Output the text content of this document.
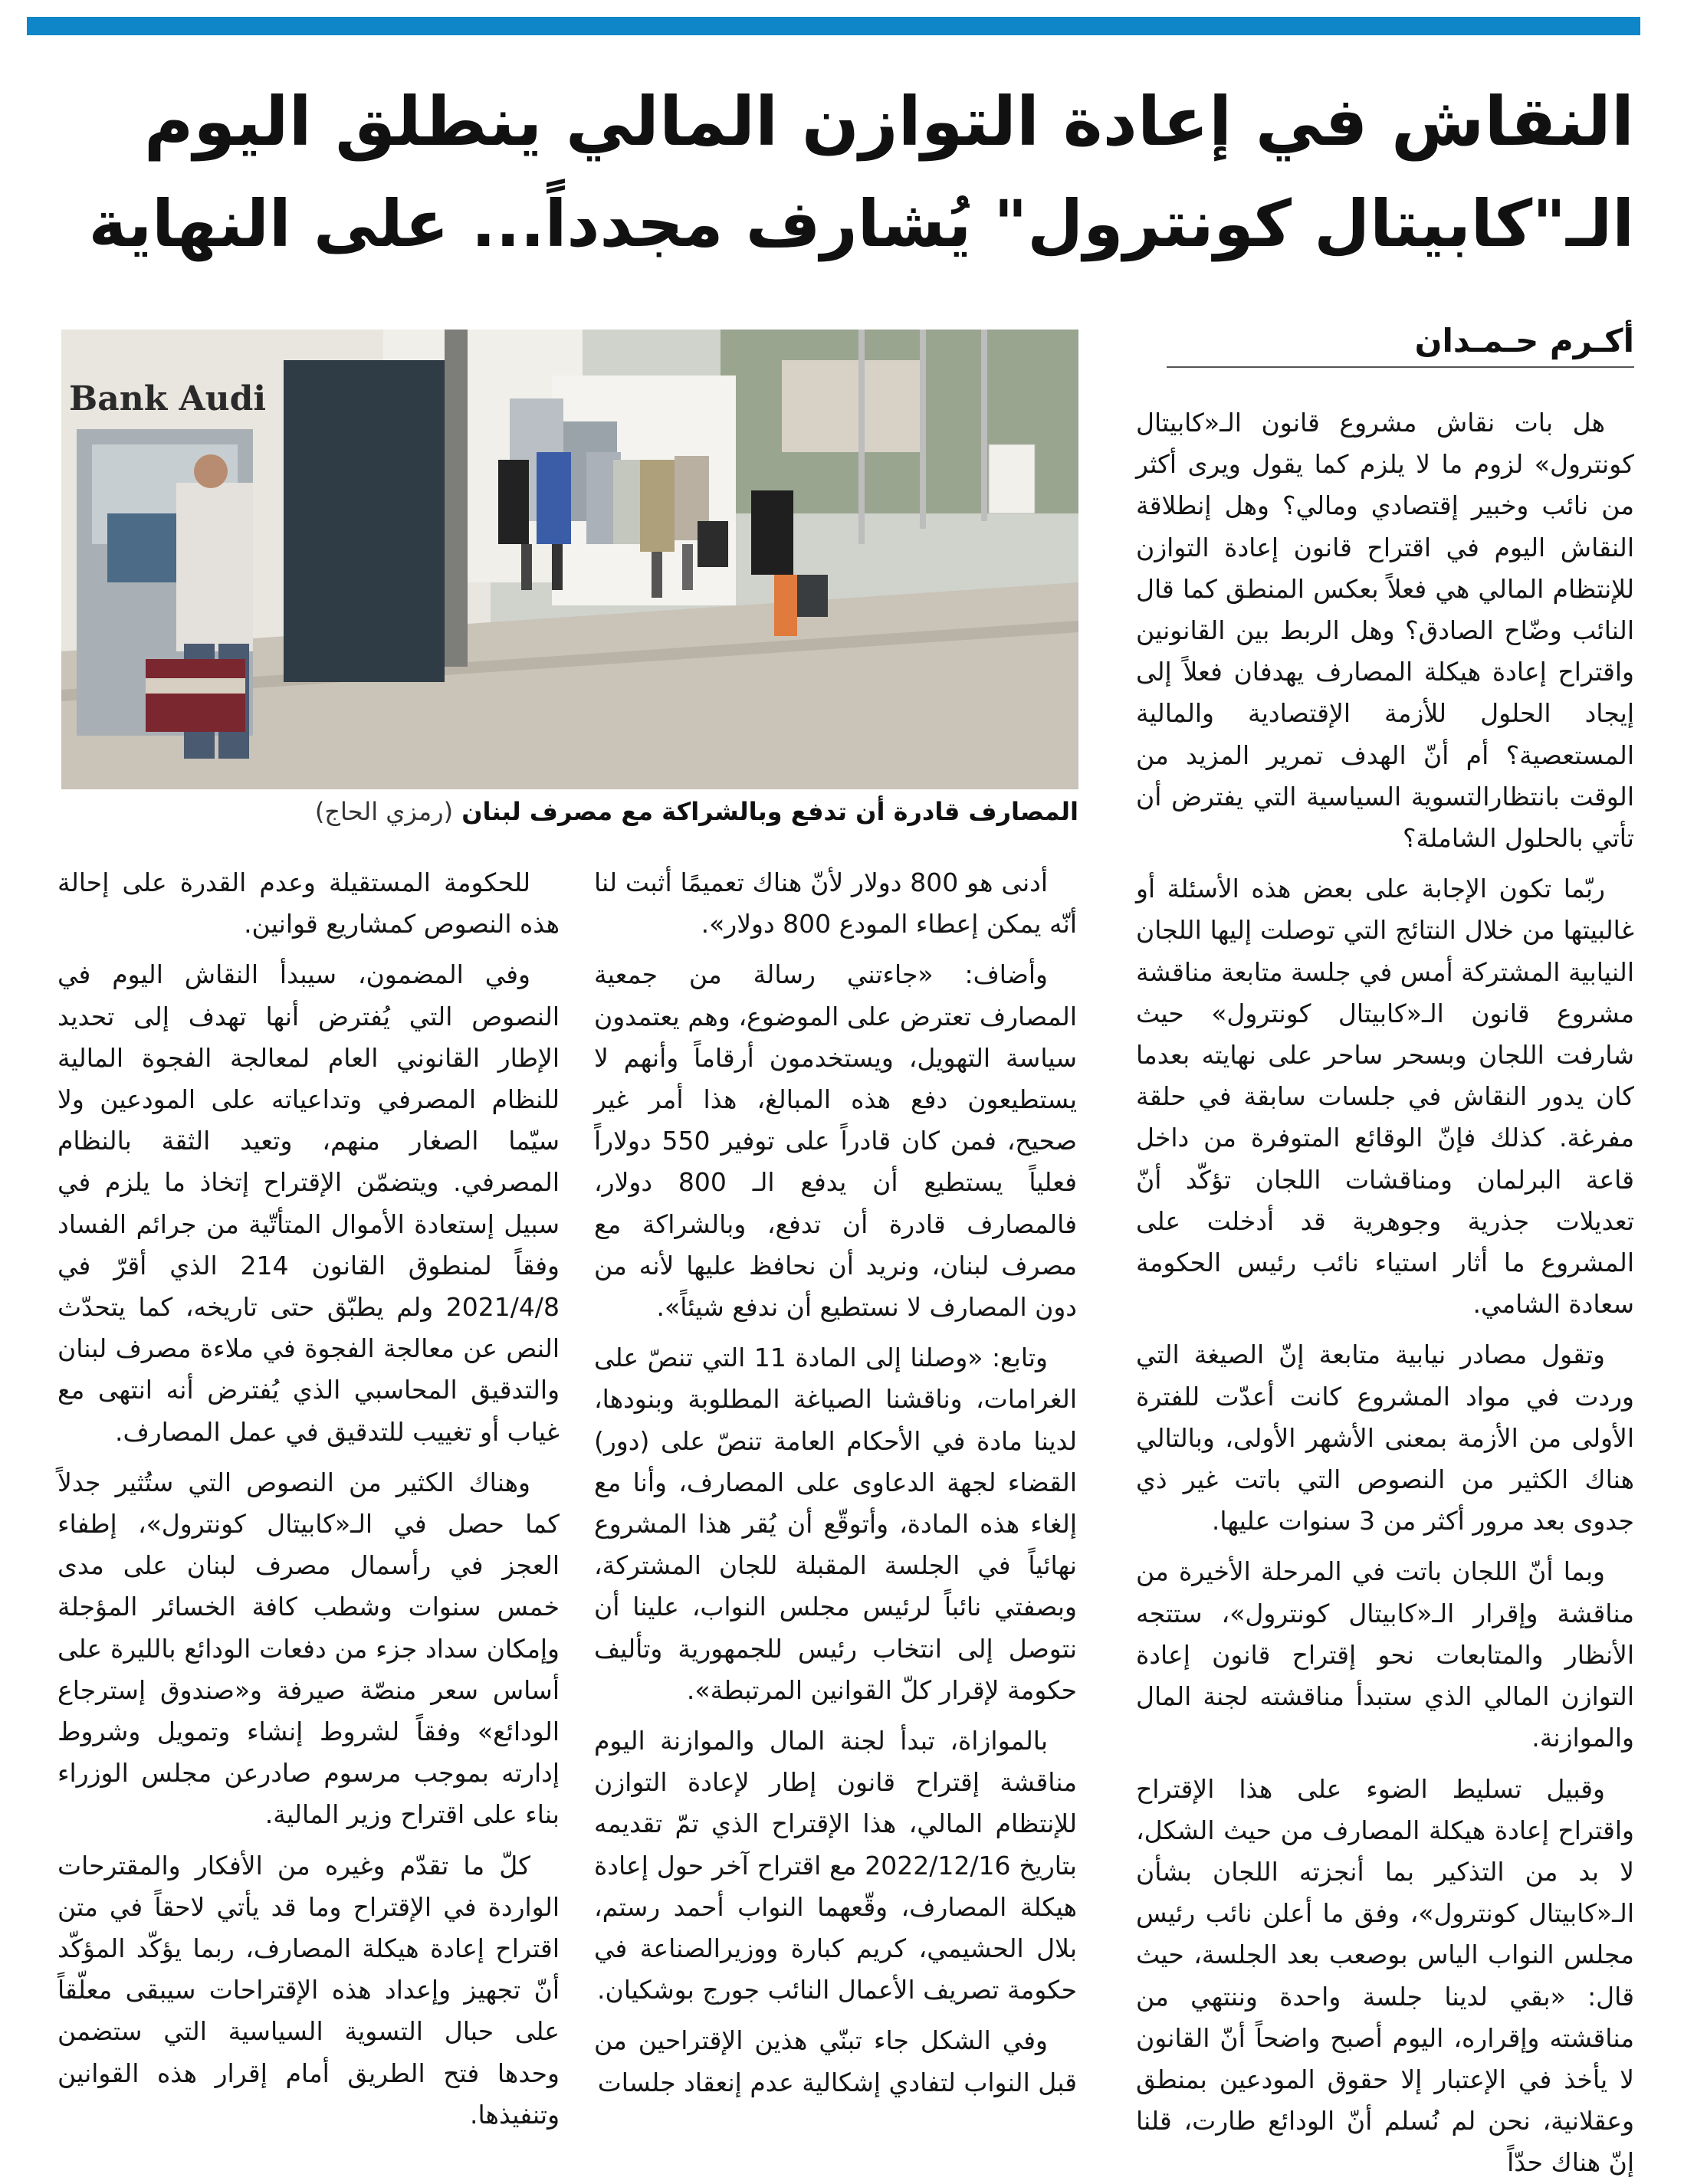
النقاش في إعادة التوازن المالي ينطلق اليوم
الـ"كابيتال كونترول" يُشارف مجدداً... على النهاية
أكـرم حـمـدان
Bank Audi
المصارف قادرة أن تدفع وبالشراكة مع مصرف لبنان (رمزي الحاج)

هل بات نقاش مشروع قانون الـ«كابيتال كونترول» لزوم ما لا يلزم كما يقول ويرى أكثر من نائب وخبير إقتصادي ومالي؟ وهل إنطلاقة النقاش اليوم في اقتراح قانون إعادة التوازن للإنتظام المالي هي فعلاً بعكس المنطق كما قال النائب وضّاح الصادق؟ وهل الربط بين القانونين واقتراح إعادة هيكلة المصارف يهدفان فعلاً إلى إيجاد الحلول للأزمة الإقتصادية والمالية المستعصية؟ أم أنّ الهدف تمرير المزيد من الوقت بانتظارالتسوية السياسية التي يفترض أن تأتي بالحلول الشاملة؟

ربّما تكون الإجابة على بعض هذه الأسئلة أو غالبيتها من خلال النتائج التي توصلت إليها اللجان النيابية المشتركة أمس في جلسة متابعة مناقشة مشروع قانون الـ«كابيتال كونترول» حيث شارفت اللجان وبسحر ساحر على نهايته بعدما كان يدور النقاش في جلسات سابقة في حلقة مفرغة. كذلك فإنّ الوقائع المتوفرة من داخل قاعة البرلمان ومناقشات اللجان تؤكّد أنّ تعديلات جذرية وجوهرية قد أدخلت على المشروع ما أثار استياء نائب رئيس الحكومة سعادة الشامي.

وتقول مصادر نيابية متابعة إنّ الصيغة التي وردت في مواد المشروع كانت أعدّت للفترة الأولى من الأزمة بمعنى الأشهر الأولى، وبالتالي هناك الكثير من النصوص التي باتت غير ذي جدوى بعد مرور أكثر من 3 سنوات عليها.

وبما أنّ اللجان باتت في المرحلة الأخيرة من مناقشة وإقرار الـ«كابيتال كونترول»، ستتجه الأنظار والمتابعات نحو إقتراح قانون إعادة التوازن المالي الذي ستبدأ مناقشته لجنة المال والموازنة.

وقبيل تسليط الضوء على هذا الإقتراح واقتراح إعادة هيكلة المصارف من حيث الشكل، لا بد من التذكير بما أنجزته اللجان بشأن الـ«كابيتال كونترول»، وفق ما أعلن نائب رئيس مجلس النواب الياس بوصعب بعد الجلسة، حيث قال: «بقي لدينا جلسة واحدة وننتهي من مناقشته وإقراره، اليوم أصبح واضحاً أنّ القانون لا يأخذ في الإعتبار إلا حقوق المودعين بمنطق وعقلانية، نحن لم نُسلم أنّ الودائع طارت، قلنا إنّ هناك حدّاً

أدنى هو 800 دولار لأنّ هناك تعميمًا أثبت لنا أنّه يمكن إعطاء المودع 800 دولار».

وأضاف: «جاءتني رسالة من جمعية المصارف تعترض على الموضوع، وهم يعتمدون سياسة التهويل، ويستخدمون أرقاماً وأنهم لا يستطيعون دفع هذه المبالغ، هذا أمر غير صحيح، فمن كان قادراً على توفير 550 دولاراً فعلياً يستطيع أن يدفع الـ 800 دولار، فالمصارف قادرة أن تدفع، وبالشراكة مع مصرف لبنان، ونريد أن نحافظ عليها لأنه من دون المصارف لا نستطيع أن ندفع شيئاً».

وتابع: «وصلنا إلى المادة 11 التي تنصّ على الغرامات، وناقشنا الصياغة المطلوبة وبنودها، لدينا مادة في الأحكام العامة تنصّ على (دور) القضاء لجهة الدعاوى على المصارف، وأنا مع إلغاء هذه المادة، وأتوقّع أن يُقر هذا المشروع نهائياً في الجلسة المقبلة للجان المشتركة، وبصفتي نائباً لرئيس مجلس النواب، علينا أن نتوصل إلى انتخاب رئيس للجمهورية وتأليف حكومة لإقرار كلّ القوانين المرتبطة».

بالموازاة، تبدأ لجنة المال والموازنة اليوم مناقشة إقتراح قانون إطار لإعادة التوازن للإنتظام المالي، هذا الإقتراح الذي تمّ تقديمه بتاريخ 2022/12/16 مع اقتراح آخر حول إعادة هيكلة المصارف، وقّعهما النواب أحمد رستم، بلال الحشيمي، كريم كبارة ووزيرالصناعة في حكومة تصريف الأعمال النائب جورج بوشكيان.

وفي الشكل جاء تبنّي هذين الإقتراحين من قبل النواب لتفادي إشكالية عدم إنعقاد جلسات

للحكومة المستقيلة وعدم القدرة على إحالة هذه النصوص كمشاريع قوانين.

وفي المضمون، سيبدأ النقاش اليوم في النصوص التي يُفترض أنها تهدف إلى تحديد الإطار القانوني العام لمعالجة الفجوة المالية للنظام المصرفي وتداعياته على المودعين ولا سيّما الصغار منهم، وتعيد الثقة بالنظام المصرفي. ويتضمّن الإقتراح إتخاذ ما يلزم في سبيل إستعادة الأموال المتأتّية من جرائم الفساد وفقاً لمنطوق القانون 214 الذي أقرّ في 2021/4/8 ولم يطبّق حتى تاريخه، كما يتحدّث النص عن معالجة الفجوة في ملاءة مصرف لبنان والتدقيق المحاسبي الذي يُفترض أنه انتهى مع غياب أو تغييب للتدقيق في عمل المصارف.

وهناك الكثير من النصوص التي ستُثير جدلاً كما حصل في الـ«كابيتال كونترول»، إطفاء العجز في رأسمال مصرف لبنان على مدى خمس سنوات وشطب كافة الخسائر المؤجلة وإمكان سداد جزء من دفعات الودائع بالليرة على أساس سعر منصّة صيرفة و«صندوق إسترجاع الودائع» وفقاً لشروط إنشاء وتمويل وشروط إدارته بموجب مرسوم صادرعن مجلس الوزراء بناء على اقتراح وزير المالية.

كلّ ما تقدّم وغيره من الأفكار والمقترحات الواردة في الإقتراح وما قد يأتي لاحقاً في متن اقتراح إعادة هيكلة المصارف، ربما يؤكّد المؤكّد أنّ تجهيز وإعداد هذه الإقتراحات سيبقى معلّقاً على حبال التسوية السياسية التي ستضمن وحدها فتح الطريق أمام إقرار هذه القوانين وتنفيذها.
